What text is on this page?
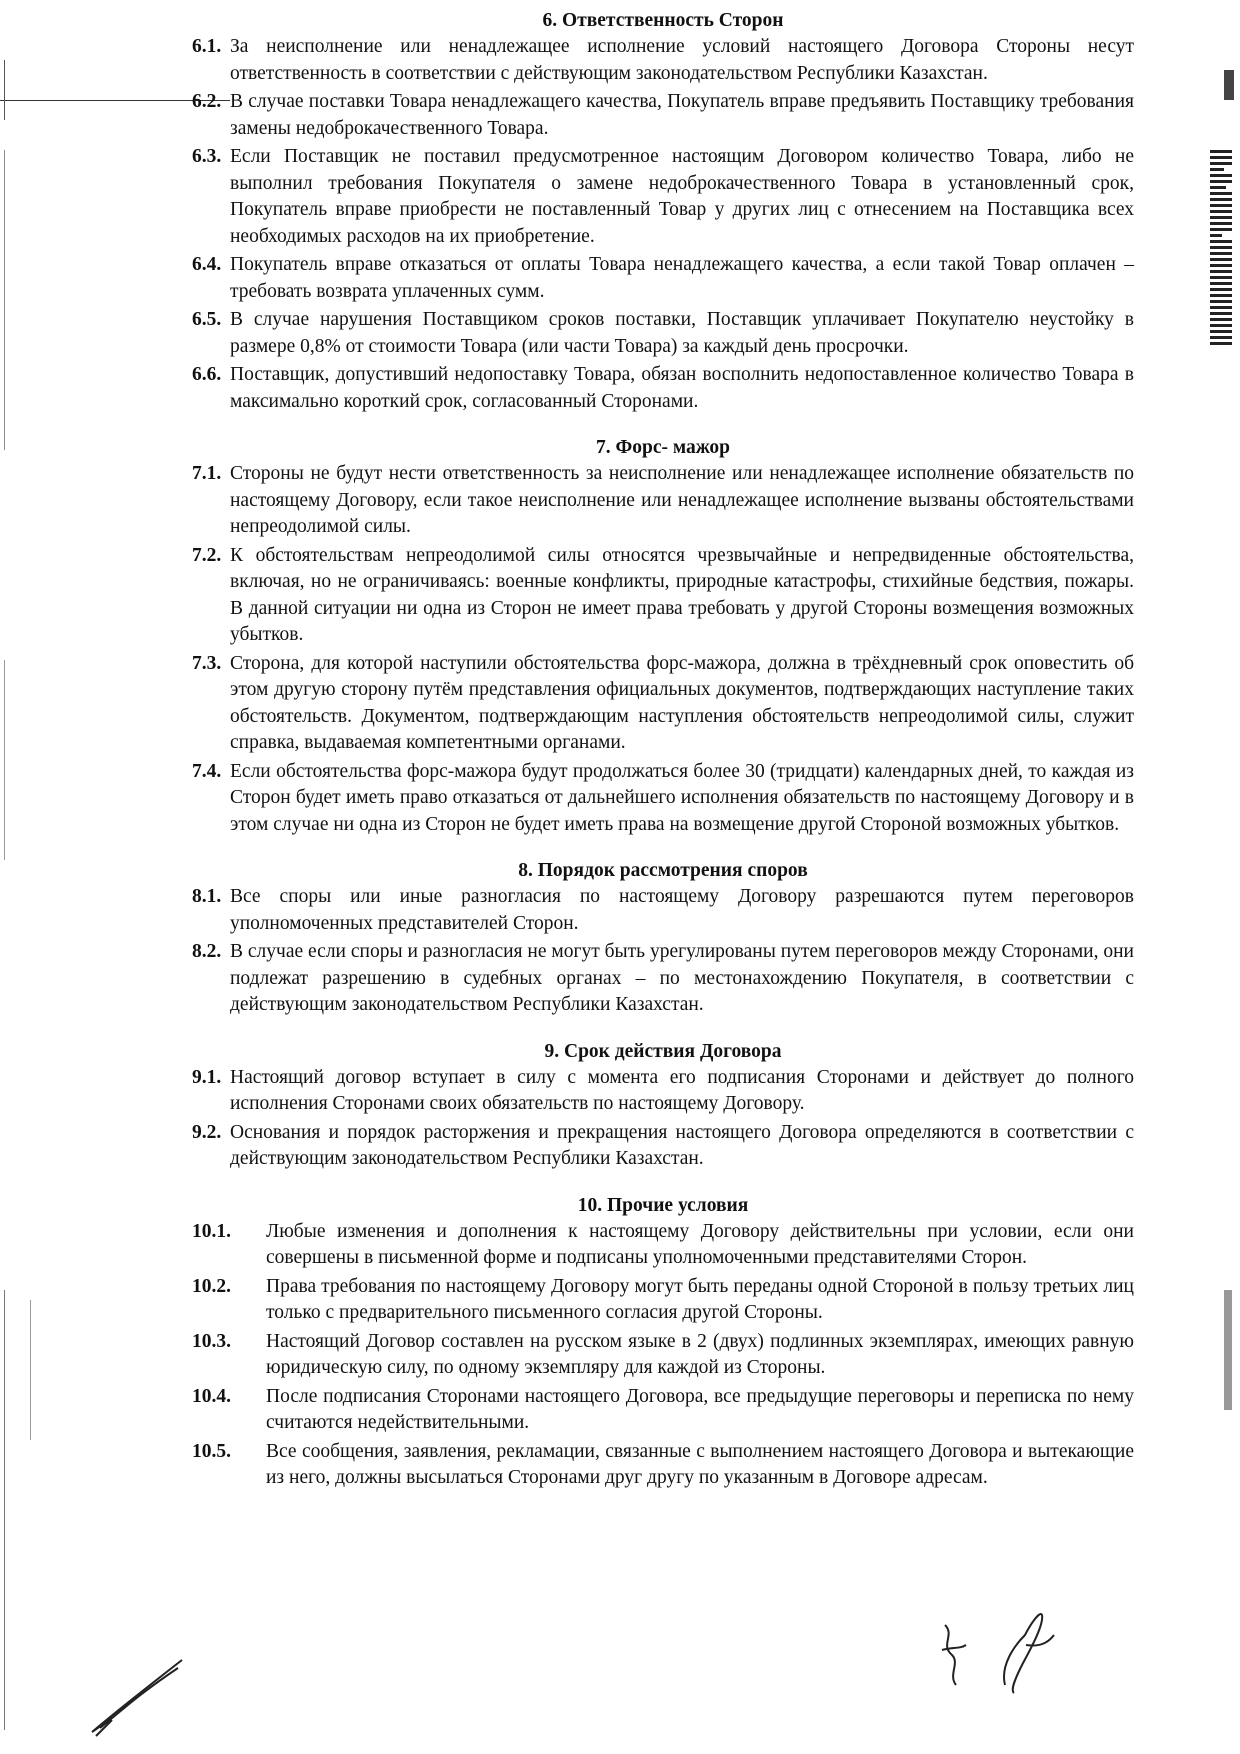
6. Ответственность Сторон
6.1. За неисполнение или ненадлежащее исполнение условий настоящего Договора Стороны несут ответственность в соответствии с действующим законодательством Республики Казахстан.
6.2. В случае поставки Товара ненадлежащего качества, Покупатель вправе предъявить Поставщику требования замены недоброкачественного Товара.
6.3. Если Поставщик не поставил предусмотренное настоящим Договором количество Товара, либо не выполнил требования Покупателя о замене недоброкачественного Товара в установленный срок, Покупатель вправе приобрести не поставленный Товар у других лиц с отнесением на Поставщика всех необходимых расходов на их приобретение.
6.4. Покупатель вправе отказаться от оплаты Товара ненадлежащего качества, а если такой Товар оплачен – требовать возврата уплаченных сумм.
6.5. В случае нарушения Поставщиком сроков поставки, Поставщик уплачивает Покупателю неустойку в размере 0,8% от стоимости Товара (или части Товара) за каждый день просрочки.
6.6. Поставщик, допустивший недопоставку Товара, обязан восполнить недопоставленное количество Товара в максимально короткий срок, согласованный Сторонами.
7. Форс- мажор
7.1. Стороны не будут нести ответственность за неисполнение или ненадлежащее исполнение обязательств по настоящему Договору, если такое неисполнение или ненадлежащее исполнение вызваны обстоятельствами непреодолимой силы.
7.2. К обстоятельствам непреодолимой силы относятся чрезвычайные и непредвиденные обстоятельства, включая, но не ограничиваясь: военные конфликты, природные катастрофы, стихийные бедствия, пожары. В данной ситуации ни одна из Сторон не имеет права требовать у другой Стороны возмещения возможных убытков.
7.3. Сторона, для которой наступили обстоятельства форс-мажора, должна в трёхдневный срок оповестить об этом другую сторону путём представления официальных документов, подтверждающих наступление таких обстоятельств. Документом, подтверждающим наступления обстоятельств непреодолимой силы, служит справка, выдаваемая компетентными органами.
7.4. Если обстоятельства форс-мажора будут продолжаться более 30 (тридцати) календарных дней, то каждая из Сторон будет иметь право отказаться от дальнейшего исполнения обязательств по настоящему Договору и в этом случае ни одна из Сторон не будет иметь права на возмещение другой Стороной возможных убытков.
8. Порядок рассмотрения споров
8.1. Все споры или иные разногласия по настоящему Договору разрешаются путем переговоров уполномоченных представителей Сторон.
8.2. В случае если споры и разногласия не могут быть урегулированы путем переговоров между Сторонами, они подлежат разрешению в судебных органах – по местонахождению Покупателя, в соответствии с действующим законодательством Республики Казахстан.
9. Срок действия Договора
9.1. Настоящий договор вступает в силу с момента его подписания Сторонами и действует до полного исполнения Сторонами своих обязательств по настоящему Договору.
9.2. Основания и порядок расторжения и прекращения настоящего Договора определяются в соответствии с действующим законодательством Республики Казахстан.
10. Прочие условия
10.1.	Любые изменения и дополнения к настоящему Договору действительны при условии, если они совершены в письменной форме и подписаны уполномоченными представителями Сторон.
10.2.	Права требования по настоящему Договору могут быть переданы одной Стороной в пользу третьих лиц только с предварительного письменного согласия другой Стороны.
10.3.	Настоящий Договор составлен на русском языке в 2 (двух) подлинных экземплярах, имеющих равную юридическую силу, по одному экземпляру для каждой из Стороны.
10.4.	После подписания Сторонами настоящего Договора, все предыдущие переговоры и переписка по нему считаются недействительными.
10.5.	Все сообщения, заявления, рекламации, связанные с выполнением настоящего Договора и вытекающие из него, должны высылаться Сторонами друг другу по указанным в Договоре адресам.
